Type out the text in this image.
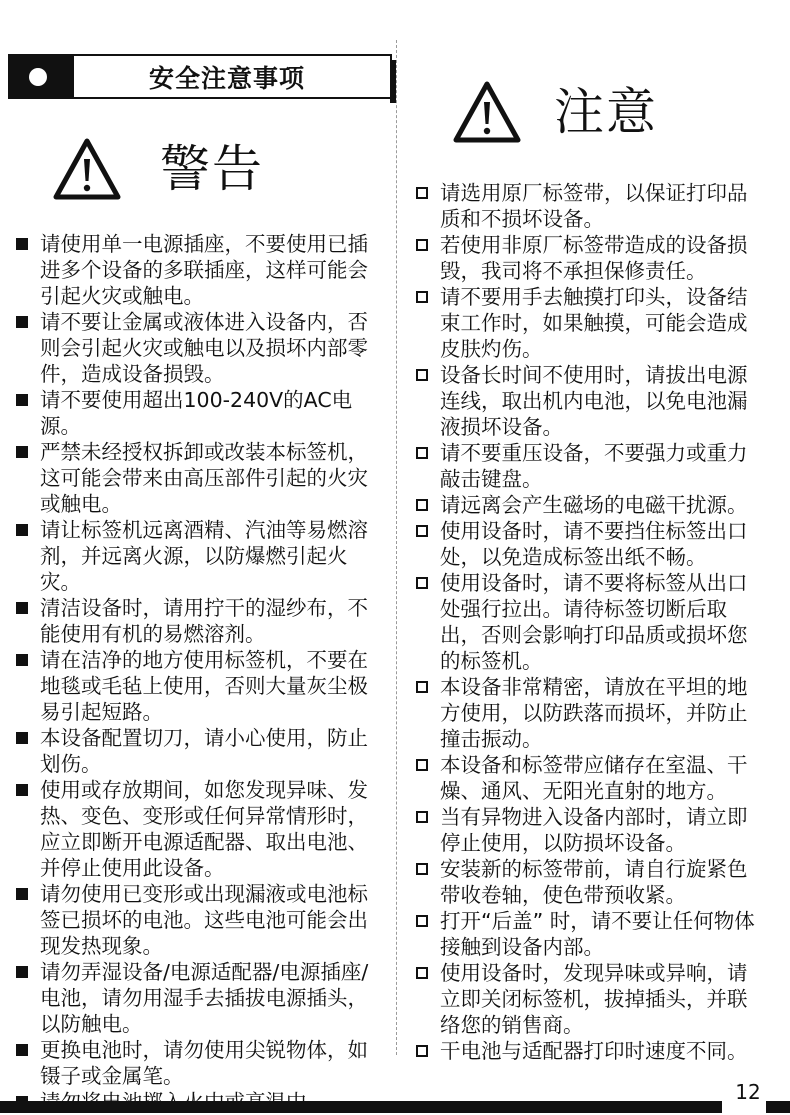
安全注意事项
警告
注意
请使用单一电源插座，不要使用已插进多个设备的多联插座，这样可能会引起火灾或触电。
请不要让金属或液体进入设备内，否则会引起火灾或触电以及损坏内部零件，造成设备损毁。
请不要使用超出100-240V的AC电源。
严禁未经授权拆卸或改装本标签机，这可能会带来由高压部件引起的火灾或触电。
请让标签机远离酒精、汽油等易燃溶剂，并远离火源，以防爆燃引起火灾。
清洁设备时，请用拧干的湿纱布，不能使用有机的易燃溶剂。
请在洁净的地方使用标签机，不要在地毯或毛毡上使用，否则大量灰尘极易引起短路。
本设备配置切刀，请小心使用，防止划伤。
使用或存放期间，如您发现异味、发热、变色、变形或任何异常情形时，应立即断开电源适配器、取出电池、并停止使用此设备。
请勿使用已变形或出现漏液或电池标签已损坏的电池。这些电池可能会出现发热现象。
请勿弄湿设备/电源适配器/电源插座/电池，请勿用湿手去插拔电源插头，以防触电。
更换电池时，请勿使用尖锐物体，如镊子或金属笔。
请选用原厂标签带，以保证打印品质和不损坏设备。
若使用非原厂标签带造成的设备损毁，我司将不承担保修责任。
请不要用手去触摸打印头，设备结束工作时，如果触摸，可能会造成皮肤灼伤。
设备长时间不使用时，请拔出电源连线，取出机内电池，以免电池漏液损坏设备。
请不要重压设备，不要强力或重力敲击键盘。
请远离会产生磁场的电磁干扰源。
使用设备时，请不要挡住标签出口处，以免造成标签出纸不畅。
使用设备时，请不要将标签从出口处强行拉出。请待标签切断后取出，否则会影响打印品质或损坏您的标签机。
本设备非常精密，请放在平坦的地方使用，以防跌落而损坏，并防止撞击振动。
本设备和标签带应储存在室温、干燥、通风、无阳光直射的地方。
当有异物进入设备内部时，请立即停止使用，以防损坏设备。
安装新的标签带前，请自行旋紧色带收卷轴，使色带预收紧。
打开“后盖” 时，请不要让任何物体接触到设备内部。
使用设备时，发现异味或异响，请立即关闭标签机，拔掉插头，并联络您的销售商。
干电池与适配器打印时速度不同。
12
